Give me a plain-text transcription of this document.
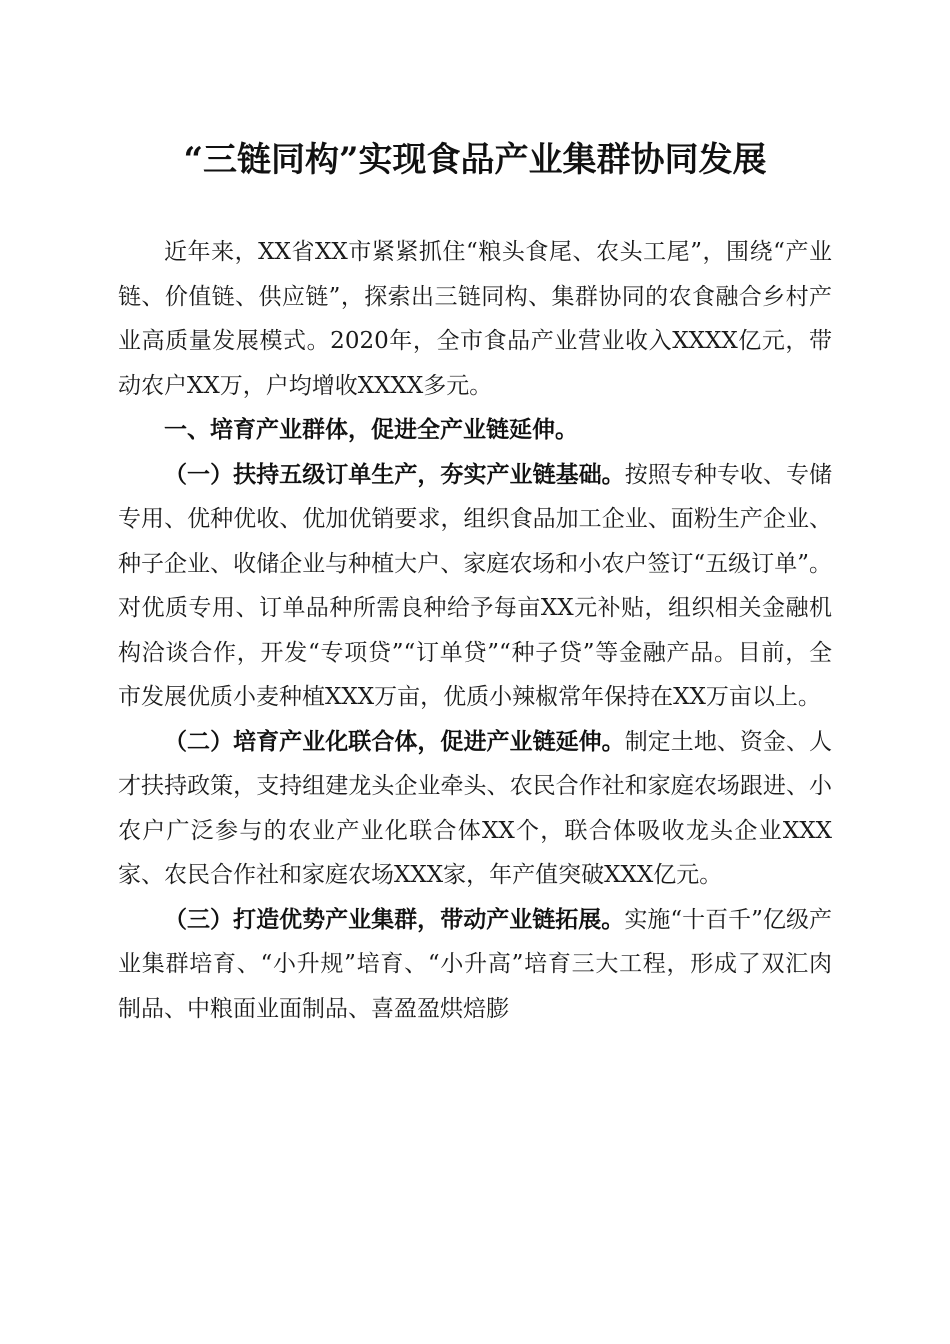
“三链同构”实现食品产业集群协同发展

近年来，XX省XX市紧紧抓住“粮头食尾、农头工尾”，围绕“产业链、价值链、供应链”，探索出三链同构、集群协同的农食融合乡村产业高质量发展模式。2020年，全市食品产业营业收入XXXX亿元，带动农户XX万，户均增收XXXX多元。

一、培育产业群体，促进全产业链延伸。

（一）扶持五级订单生产，夯实产业链基础。按照专种专收、专储专用、优种优收、优加优销要求，组织食品加工企业、面粉生产企业、种子企业、收储企业与种植大户、家庭农场和小农户签订“五级订单”。对优质专用、订单品种所需良种给予每亩XX元补贴，组织相关金融机构洽谈合作，开发“专项贷”“订单贷”“种子贷”等金融产品。目前，全市发展优质小麦种植XXX万亩，优质小辣椒常年保持在XX万亩以上。

（二）培育产业化联合体，促进产业链延伸。制定土地、资金、人才扶持政策，支持组建龙头企业牵头、农民合作社和家庭农场跟进、小农户广泛参与的农业产业化联合体XX个，联合体吸收龙头企业XXX家、农民合作社和家庭农场XXX家，年产值突破XXX亿元。

（三）打造优势产业集群，带动产业链拓展。实施“十百千”亿级产业集群培育、“小升规”培育、“小升高”培育三大工程，形成了双汇肉制品、中粮面业面制品、喜盈盈烘焙膨
